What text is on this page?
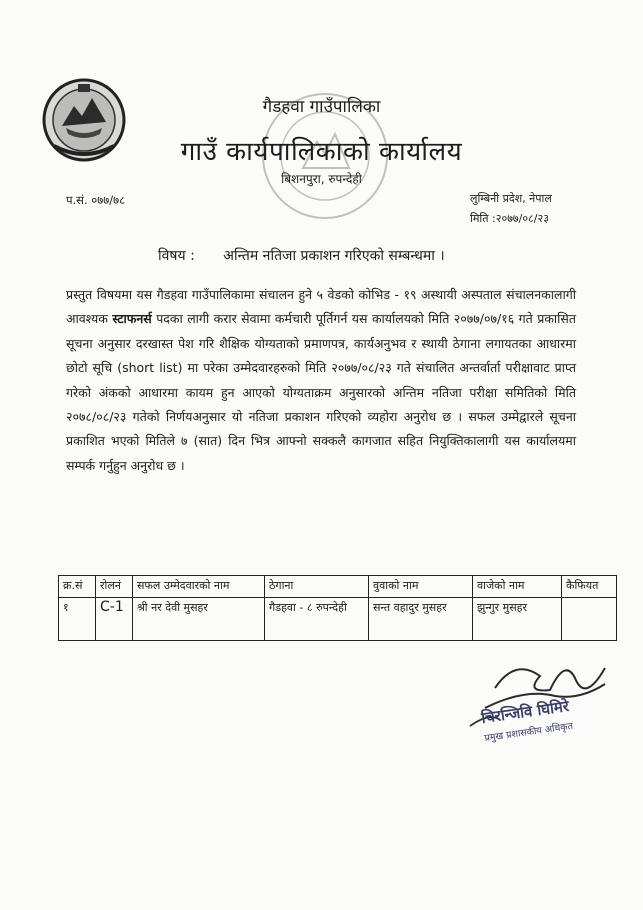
गैडहवा गाउँपालिका
गाउँ कार्यपालिकाको कार्यालय
बिशनपुरा, रुपन्देही
प.सं. ०७७/७८	लुम्बिनी प्रदेश, नेपाल
मिति :२०७७/०८/२३
विषय : अन्तिम नतिजा प्रकाशन गरिएको सम्बन्धमा ।
प्रस्तुत विषयमा यस गैडहवा गाउँपालिकामा संचालन हुने ५ वेडको कोभिड - १९ अस्थायी अस्पताल संचालनकालागी आवश्यक स्टाफनर्स पदका लागी करार सेवामा कर्मचारी पूर्तिगर्न यस कार्यालयको मिति २०७७/०७/१६ गते प्रकासित सूचना अनुसार दरखास्त पेश गरि शैक्षिक योग्यताको प्रमाणपत्र, कार्यअनुभव र स्थायी ठेगाना लगायतका आधारमा छोटो सूचि (short list) मा परेका उम्मेदवारहरुको मिति २०७७/०८/२३ गते संचालित अन्तर्वार्ता परीक्षावाट प्राप्त गरेको अंकको आधारमा कायम हुन आएको योग्यताक्रम अनुसारको अन्तिम नतिजा परीक्षा समितिको मिति २०७८/०८/२३ गतेको निर्णयअनुसार यो नतिजा प्रकाशन गरिएको व्यहोरा अनुरोध छ । सफल उम्मेद्वारले सूचना प्रकाशित भएको मितिले ७ (सात) दिन भित्र आफ्नो सक्कलै कागजात सहित नियुक्तिकालागी यस कार्यालयमा सम्पर्क गर्नुहुन अनुरोध छ ।
क्र.सं	रोलनं	सफल उम्मेदवारको नाम	ठेगाना	वुवाको नाम	वाजेको नाम	कैफियत
१	C-1	श्री नर देवी मुसहर	गैडहवा - ८ रुपन्देही	सन्त वहादुर मुसहर	झुन्गुर मुसहर	
चिरन्जिवि घिमिरे
प्रमुख प्रशासकीय अधिकृत
